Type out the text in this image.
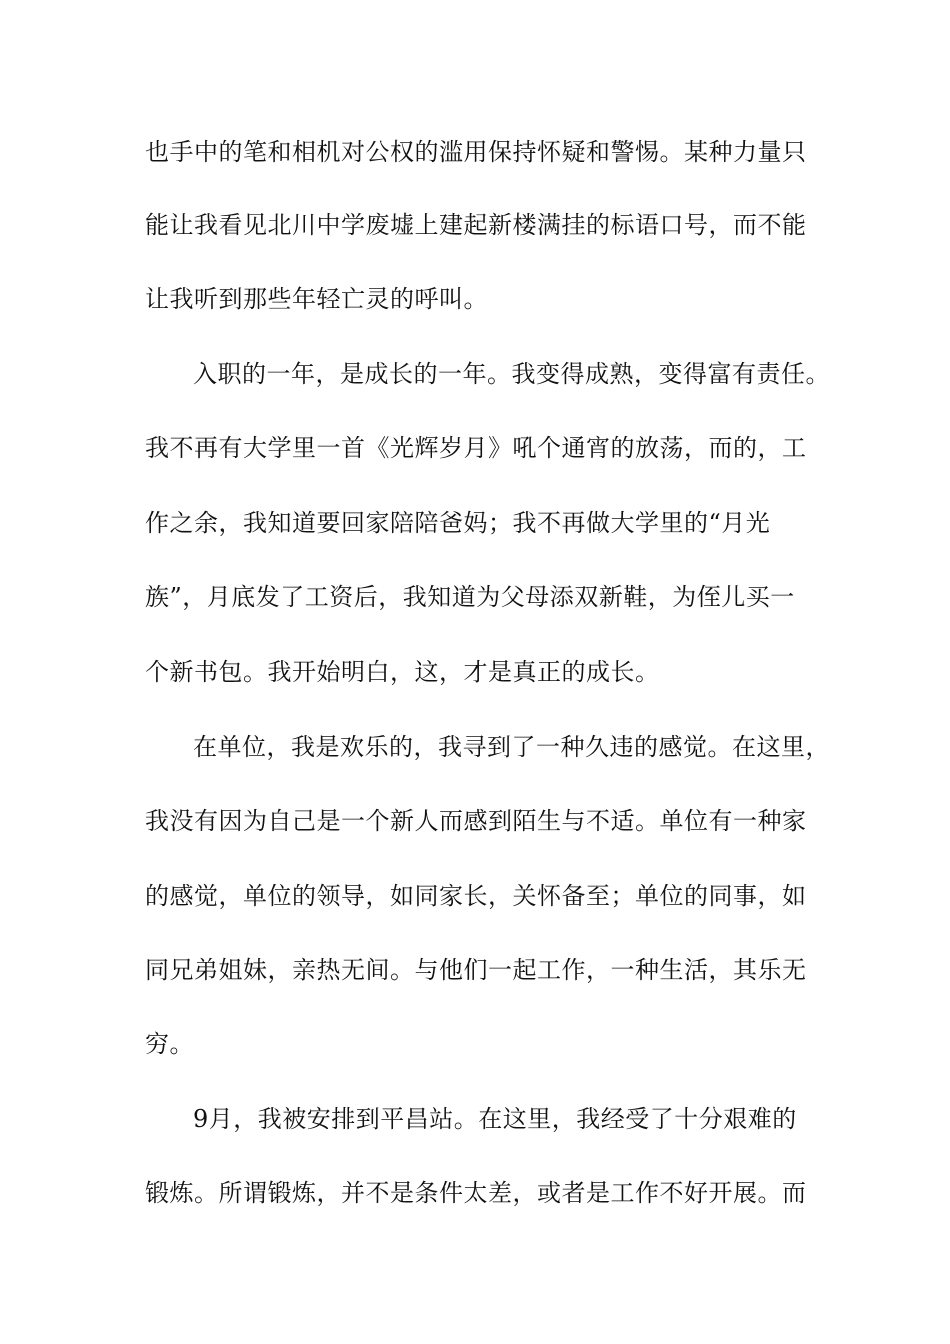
也手中的笔和相机对公权的滥用保持怀疑和警惕。某种力量只
能让我看见北川中学废墟上建起新楼满挂的标语口号，而不能
让我听到那些年轻亡灵的呼叫。
入职的一年，是成长的一年。我变得成熟，变得富有责任。
我不再有大学里一首《光辉岁月》吼个通宵的放荡，而的，工
作之余，我知道要回家陪陪爸妈；我不再做大学里的“月光
族”，月底发了工资后，我知道为父母添双新鞋，为侄儿买一
个新书包。我开始明白，这，才是真正的成长。
在单位，我是欢乐的，我寻到了一种久违的感觉。在这里，
我没有因为自己是一个新人而感到陌生与不适。单位有一种家
的感觉，单位的领导，如同家长，关怀备至；单位的同事，如
同兄弟姐妹，亲热无间。与他们一起工作，一种生活，其乐无
穷。
9月，我被安排到平昌站。在这里，我经受了十分艰难的
锻炼。所谓锻炼，并不是条件太差，或者是工作不好开展。而
